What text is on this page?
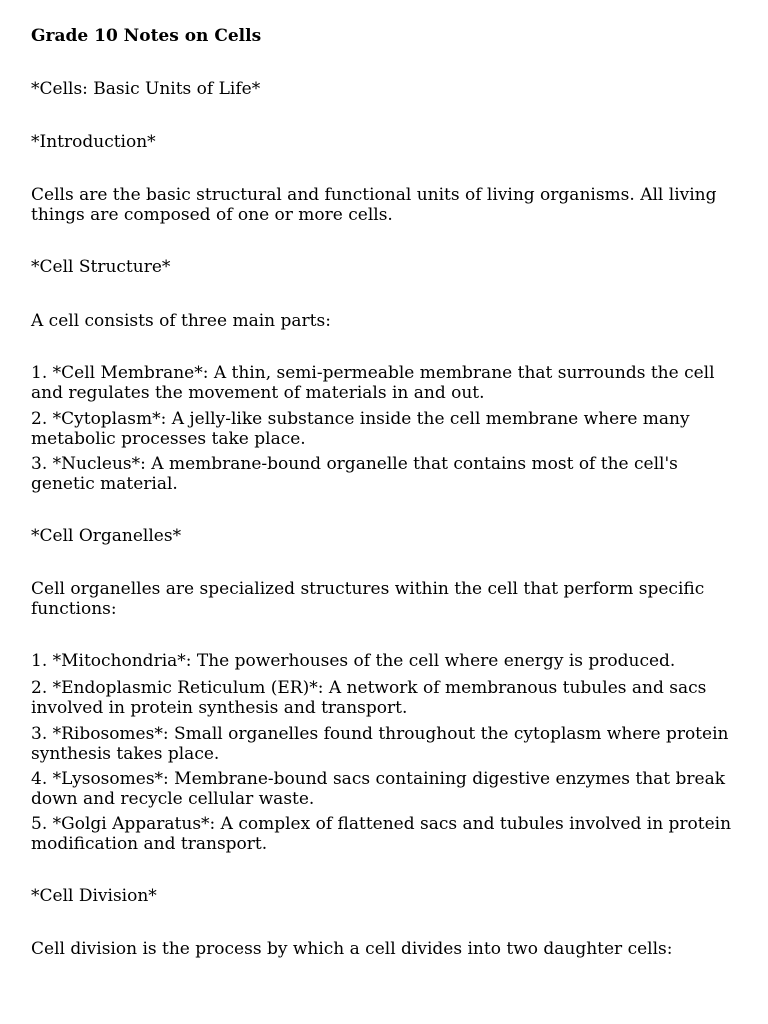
Grade 10 Notes on Cells
*Cells: Basic Units of Life*
*Introduction*
Cells are the basic structural and functional units of living organisms. All living things are composed of one or more cells.
*Cell Structure*
A cell consists of three main parts:
1. *Cell Membrane*: A thin, semi-permeable membrane that surrounds the cell and regulates the movement of materials in and out.
2. *Cytoplasm*: A jelly-like substance inside the cell membrane where many metabolic processes take place.
3. *Nucleus*: A membrane-bound organelle that contains most of the cell's genetic material.
*Cell Organelles*
Cell organelles are specialized structures within the cell that perform specific functions:
1. *Mitochondria*: The powerhouses of the cell where energy is produced.
2. *Endoplasmic Reticulum (ER)*: A network of membranous tubules and sacs involved in protein synthesis and transport.
3. *Ribosomes*: Small organelles found throughout the cytoplasm where protein synthesis takes place.
4. *Lysosomes*: Membrane-bound sacs containing digestive enzymes that break down and recycle cellular waste.
5. *Golgi Apparatus*: A complex of flattened sacs and tubules involved in protein modification and transport.
*Cell Division*
Cell division is the process by which a cell divides into two daughter cells:
